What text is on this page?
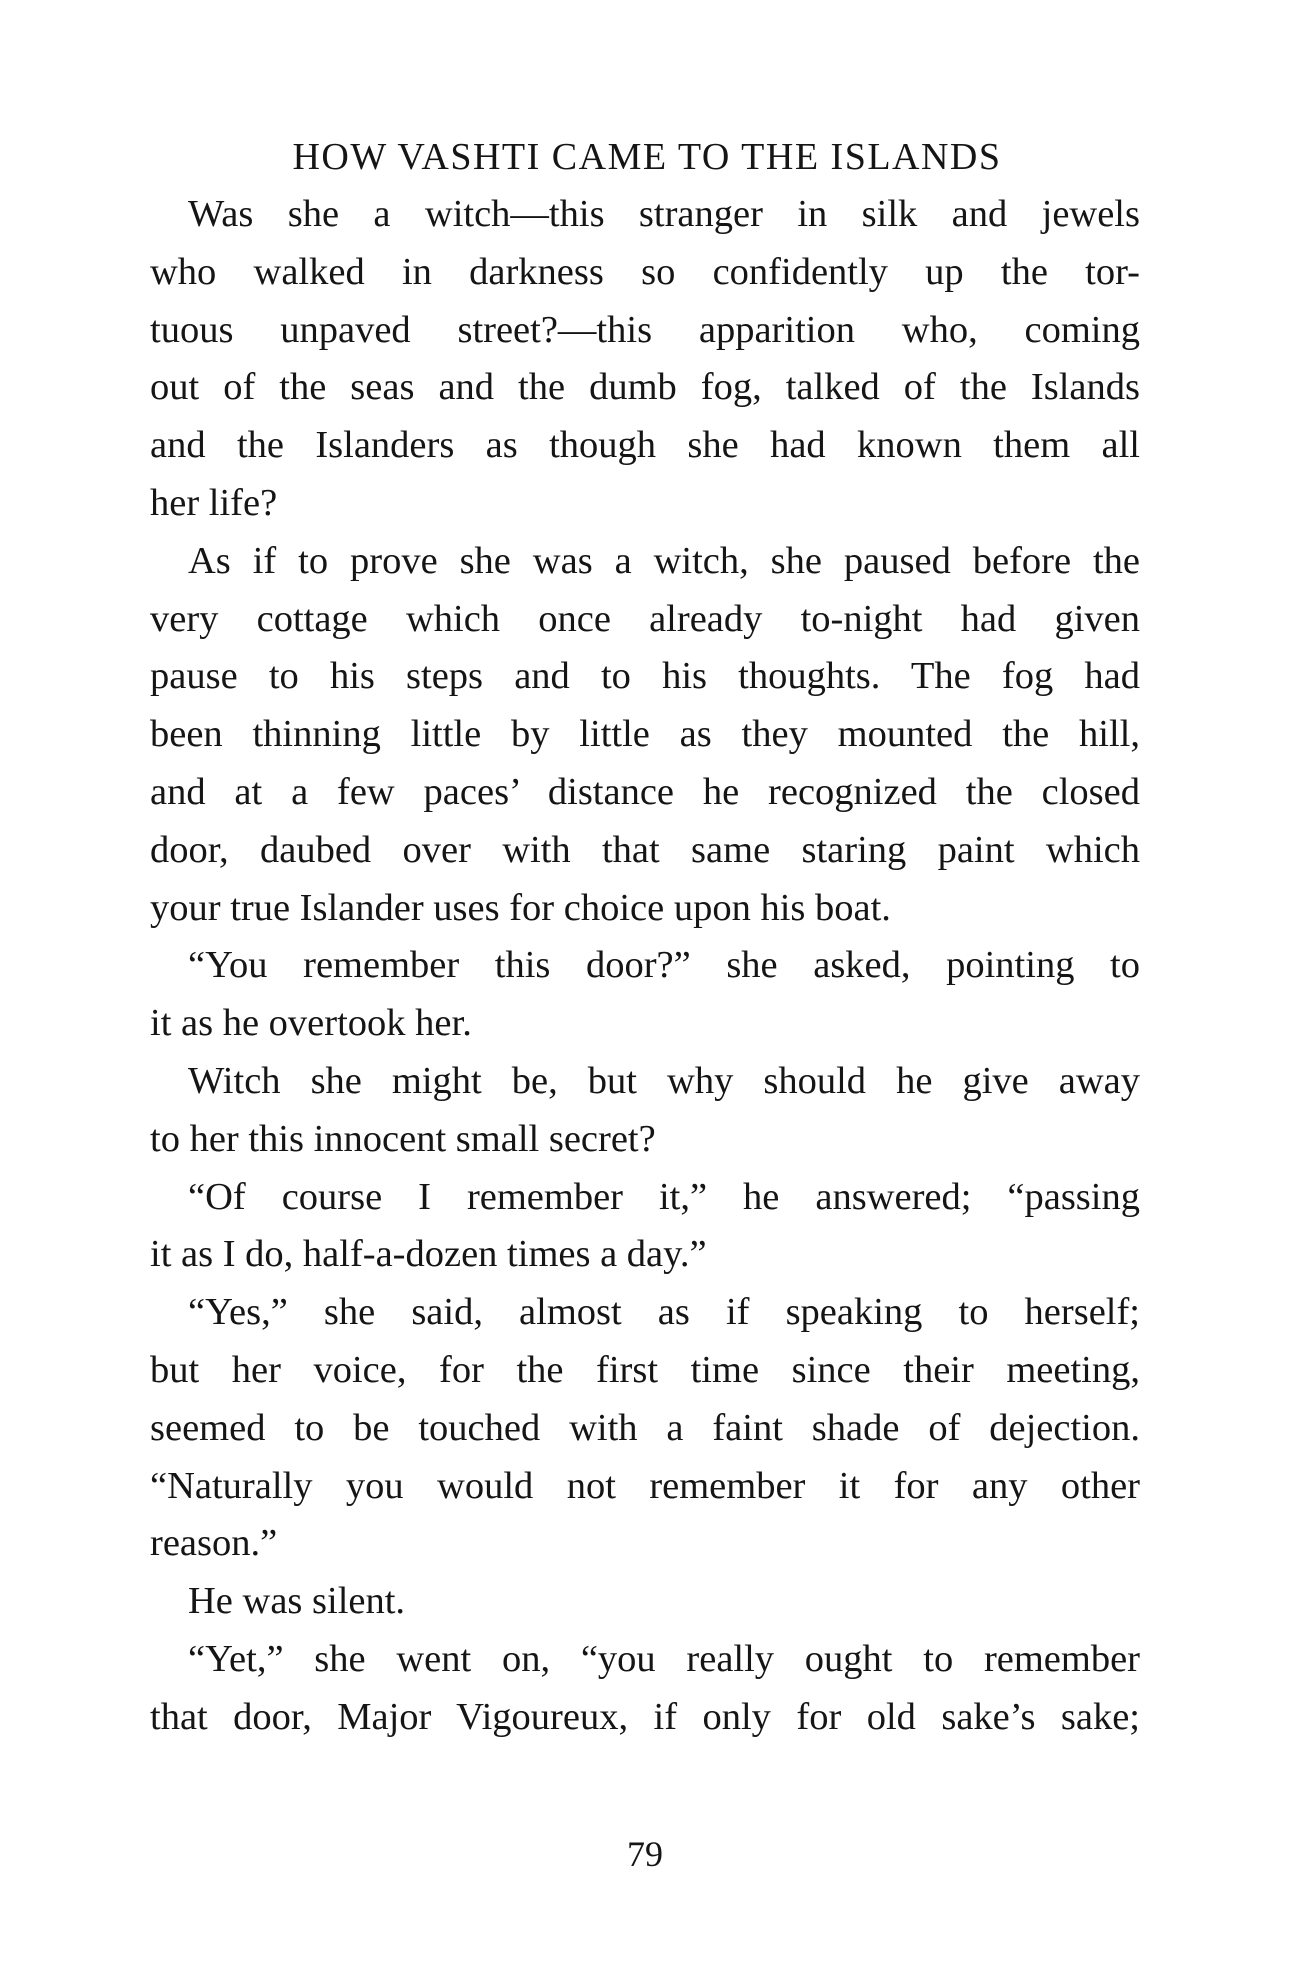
HOW VASHTI CAME TO THE ISLANDS
Was she a witch—this stranger in silk and jewels
who walked in darkness so confidently up the tor-
tuous unpaved street?—this apparition who, coming
out of the seas and the dumb fog, talked of the Islands
and the Islanders as though she had known them all
her life?
As if to prove she was a witch, she paused before the
very cottage which once already to-night had given
pause to his steps and to his thoughts. The fog had
been thinning little by little as they mounted the hill,
and at a few paces’ distance he recognized the closed
door, daubed over with that same staring paint which
your true Islander uses for choice upon his boat.
“You remember this door?” she asked, pointing to
it as he overtook her.
Witch she might be, but why should he give away
to her this innocent small secret?
“Of course I remember it,” he answered; “passing
it as I do, half-a-dozen times a day.”
“Yes,” she said, almost as if speaking to herself;
but her voice, for the first time since their meeting,
seemed to be touched with a faint shade of dejection.
“Naturally you would not remember it for any other
reason.”
He was silent.
“Yet,” she went on, “you really ought to remember
that door, Major Vigoureux, if only for old sake’s sake;
79
